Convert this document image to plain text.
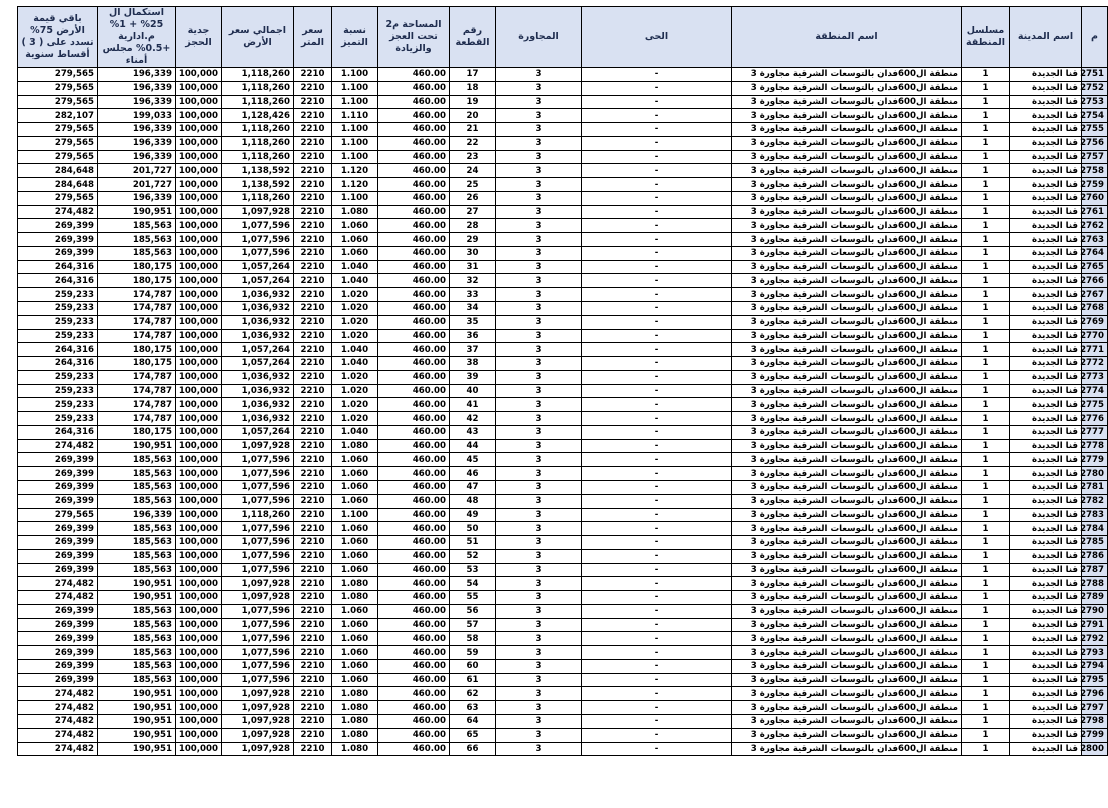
م	اسم المدينة	مسلسل المنطقة	اسم المنطقة	الحى	المجاورة	رقم القطعة	المساحة م2 تحت العجز والزيادة	نسبة التميز	سعر المتر	اجمالي سعر الأرض	جدية الحجز	استكمال ال 25% + 1% م.ادارية +0.5% مجلس أمناء	باقي قيمة الأرض 75% تسدد على ( 3 ) أقساط سنوية
2751	قنا الجديدة	1	منطقة ال600فدان بالتوسعات الشرقية مجاورة 3	-	3	17	460.00	1.100	2210	1,118,260	100,000	196,339	279,565
2752	قنا الجديدة	1	منطقة ال600فدان بالتوسعات الشرقية مجاورة 3	-	3	18	460.00	1.100	2210	1,118,260	100,000	196,339	279,565
2753	قنا الجديدة	1	منطقة ال600فدان بالتوسعات الشرقية مجاورة 3	-	3	19	460.00	1.100	2210	1,118,260	100,000	196,339	279,565
2754	قنا الجديدة	1	منطقة ال600فدان بالتوسعات الشرقية مجاورة 3	-	3	20	460.00	1.110	2210	1,128,426	100,000	199,033	282,107
2755	قنا الجديدة	1	منطقة ال600فدان بالتوسعات الشرقية مجاورة 3	-	3	21	460.00	1.100	2210	1,118,260	100,000	196,339	279,565
2756	قنا الجديدة	1	منطقة ال600فدان بالتوسعات الشرقية مجاورة 3	-	3	22	460.00	1.100	2210	1,118,260	100,000	196,339	279,565
2757	قنا الجديدة	1	منطقة ال600فدان بالتوسعات الشرقية مجاورة 3	-	3	23	460.00	1.100	2210	1,118,260	100,000	196,339	279,565
2758	قنا الجديدة	1	منطقة ال600فدان بالتوسعات الشرقية مجاورة 3	-	3	24	460.00	1.120	2210	1,138,592	100,000	201,727	284,648
2759	قنا الجديدة	1	منطقة ال600فدان بالتوسعات الشرقية مجاورة 3	-	3	25	460.00	1.120	2210	1,138,592	100,000	201,727	284,648
2760	قنا الجديدة	1	منطقة ال600فدان بالتوسعات الشرقية مجاورة 3	-	3	26	460.00	1.100	2210	1,118,260	100,000	196,339	279,565
2761	قنا الجديدة	1	منطقة ال600فدان بالتوسعات الشرقية مجاورة 3	-	3	27	460.00	1.080	2210	1,097,928	100,000	190,951	274,482
2762	قنا الجديدة	1	منطقة ال600فدان بالتوسعات الشرقية مجاورة 3	-	3	28	460.00	1.060	2210	1,077,596	100,000	185,563	269,399
2763	قنا الجديدة	1	منطقة ال600فدان بالتوسعات الشرقية مجاورة 3	-	3	29	460.00	1.060	2210	1,077,596	100,000	185,563	269,399
2764	قنا الجديدة	1	منطقة ال600فدان بالتوسعات الشرقية مجاورة 3	-	3	30	460.00	1.060	2210	1,077,596	100,000	185,563	269,399
2765	قنا الجديدة	1	منطقة ال600فدان بالتوسعات الشرقية مجاورة 3	-	3	31	460.00	1.040	2210	1,057,264	100,000	180,175	264,316
2766	قنا الجديدة	1	منطقة ال600فدان بالتوسعات الشرقية مجاورة 3	-	3	32	460.00	1.040	2210	1,057,264	100,000	180,175	264,316
2767	قنا الجديدة	1	منطقة ال600فدان بالتوسعات الشرقية مجاورة 3	-	3	33	460.00	1.020	2210	1,036,932	100,000	174,787	259,233
2768	قنا الجديدة	1	منطقة ال600فدان بالتوسعات الشرقية مجاورة 3	-	3	34	460.00	1.020	2210	1,036,932	100,000	174,787	259,233
2769	قنا الجديدة	1	منطقة ال600فدان بالتوسعات الشرقية مجاورة 3	-	3	35	460.00	1.020	2210	1,036,932	100,000	174,787	259,233
2770	قنا الجديدة	1	منطقة ال600فدان بالتوسعات الشرقية مجاورة 3	-	3	36	460.00	1.020	2210	1,036,932	100,000	174,787	259,233
2771	قنا الجديدة	1	منطقة ال600فدان بالتوسعات الشرقية مجاورة 3	-	3	37	460.00	1.040	2210	1,057,264	100,000	180,175	264,316
2772	قنا الجديدة	1	منطقة ال600فدان بالتوسعات الشرقية مجاورة 3	-	3	38	460.00	1.040	2210	1,057,264	100,000	180,175	264,316
2773	قنا الجديدة	1	منطقة ال600فدان بالتوسعات الشرقية مجاورة 3	-	3	39	460.00	1.020	2210	1,036,932	100,000	174,787	259,233
2774	قنا الجديدة	1	منطقة ال600فدان بالتوسعات الشرقية مجاورة 3	-	3	40	460.00	1.020	2210	1,036,932	100,000	174,787	259,233
2775	قنا الجديدة	1	منطقة ال600فدان بالتوسعات الشرقية مجاورة 3	-	3	41	460.00	1.020	2210	1,036,932	100,000	174,787	259,233
2776	قنا الجديدة	1	منطقة ال600فدان بالتوسعات الشرقية مجاورة 3	-	3	42	460.00	1.020	2210	1,036,932	100,000	174,787	259,233
2777	قنا الجديدة	1	منطقة ال600فدان بالتوسعات الشرقية مجاورة 3	-	3	43	460.00	1.040	2210	1,057,264	100,000	180,175	264,316
2778	قنا الجديدة	1	منطقة ال600فدان بالتوسعات الشرقية مجاورة 3	-	3	44	460.00	1.080	2210	1,097,928	100,000	190,951	274,482
2779	قنا الجديدة	1	منطقة ال600فدان بالتوسعات الشرقية مجاورة 3	-	3	45	460.00	1.060	2210	1,077,596	100,000	185,563	269,399
2780	قنا الجديدة	1	منطقة ال600فدان بالتوسعات الشرقية مجاورة 3	-	3	46	460.00	1.060	2210	1,077,596	100,000	185,563	269,399
2781	قنا الجديدة	1	منطقة ال600فدان بالتوسعات الشرقية مجاورة 3	-	3	47	460.00	1.060	2210	1,077,596	100,000	185,563	269,399
2782	قنا الجديدة	1	منطقة ال600فدان بالتوسعات الشرقية مجاورة 3	-	3	48	460.00	1.060	2210	1,077,596	100,000	185,563	269,399
2783	قنا الجديدة	1	منطقة ال600فدان بالتوسعات الشرقية مجاورة 3	-	3	49	460.00	1.100	2210	1,118,260	100,000	196,339	279,565
2784	قنا الجديدة	1	منطقة ال600فدان بالتوسعات الشرقية مجاورة 3	-	3	50	460.00	1.060	2210	1,077,596	100,000	185,563	269,399
2785	قنا الجديدة	1	منطقة ال600فدان بالتوسعات الشرقية مجاورة 3	-	3	51	460.00	1.060	2210	1,077,596	100,000	185,563	269,399
2786	قنا الجديدة	1	منطقة ال600فدان بالتوسعات الشرقية مجاورة 3	-	3	52	460.00	1.060	2210	1,077,596	100,000	185,563	269,399
2787	قنا الجديدة	1	منطقة ال600فدان بالتوسعات الشرقية مجاورة 3	-	3	53	460.00	1.060	2210	1,077,596	100,000	185,563	269,399
2788	قنا الجديدة	1	منطقة ال600فدان بالتوسعات الشرقية مجاورة 3	-	3	54	460.00	1.080	2210	1,097,928	100,000	190,951	274,482
2789	قنا الجديدة	1	منطقة ال600فدان بالتوسعات الشرقية مجاورة 3	-	3	55	460.00	1.080	2210	1,097,928	100,000	190,951	274,482
2790	قنا الجديدة	1	منطقة ال600فدان بالتوسعات الشرقية مجاورة 3	-	3	56	460.00	1.060	2210	1,077,596	100,000	185,563	269,399
2791	قنا الجديدة	1	منطقة ال600فدان بالتوسعات الشرقية مجاورة 3	-	3	57	460.00	1.060	2210	1,077,596	100,000	185,563	269,399
2792	قنا الجديدة	1	منطقة ال600فدان بالتوسعات الشرقية مجاورة 3	-	3	58	460.00	1.060	2210	1,077,596	100,000	185,563	269,399
2793	قنا الجديدة	1	منطقة ال600فدان بالتوسعات الشرقية مجاورة 3	-	3	59	460.00	1.060	2210	1,077,596	100,000	185,563	269,399
2794	قنا الجديدة	1	منطقة ال600فدان بالتوسعات الشرقية مجاورة 3	-	3	60	460.00	1.060	2210	1,077,596	100,000	185,563	269,399
2795	قنا الجديدة	1	منطقة ال600فدان بالتوسعات الشرقية مجاورة 3	-	3	61	460.00	1.060	2210	1,077,596	100,000	185,563	269,399
2796	قنا الجديدة	1	منطقة ال600فدان بالتوسعات الشرقية مجاورة 3	-	3	62	460.00	1.080	2210	1,097,928	100,000	190,951	274,482
2797	قنا الجديدة	1	منطقة ال600فدان بالتوسعات الشرقية مجاورة 3	-	3	63	460.00	1.080	2210	1,097,928	100,000	190,951	274,482
2798	قنا الجديدة	1	منطقة ال600فدان بالتوسعات الشرقية مجاورة 3	-	3	64	460.00	1.080	2210	1,097,928	100,000	190,951	274,482
2799	قنا الجديدة	1	منطقة ال600فدان بالتوسعات الشرقية مجاورة 3	-	3	65	460.00	1.080	2210	1,097,928	100,000	190,951	274,482
2800	قنا الجديدة	1	منطقة ال600فدان بالتوسعات الشرقية مجاورة 3	-	3	66	460.00	1.080	2210	1,097,928	100,000	190,951	274,482
